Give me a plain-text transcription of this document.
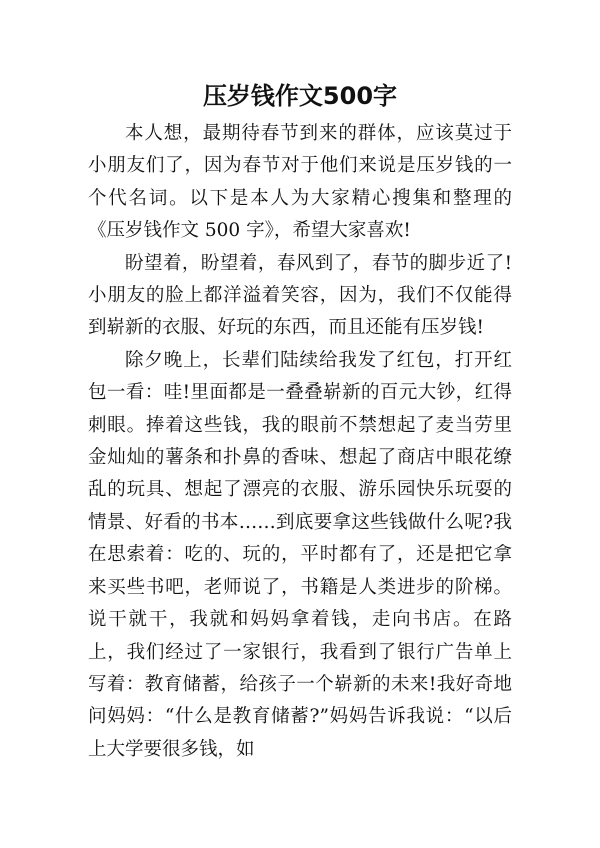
压岁钱作文500字

本人想，最期待春节到来的群体，应该莫过于小朋友们了，因为春节对于他们来说是压岁钱的一个代名词。以下是本人为大家精心搜集和整理的《压岁钱作文 500 字》，希望大家喜欢!

盼望着，盼望着，春风到了，春节的脚步近了!小朋友的脸上都洋溢着笑容，因为，我们不仅能得到崭新的衣服、好玩的东西，而且还能有压岁钱!

除夕晚上，长辈们陆续给我发了红包，打开红包一看：哇!里面都是一叠叠崭新的百元大钞，红得刺眼。捧着这些钱，我的眼前不禁想起了麦当劳里金灿灿的薯条和扑鼻的香味、想起了商店中眼花缭乱的玩具、想起了漂亮的衣服、游乐园快乐玩耍的情景、好看的书本……到底要拿这些钱做什么呢?我在思索着：吃的、玩的，平时都有了，还是把它拿来买些书吧，老师说了，书籍是人类进步的阶梯。说干就干，我就和妈妈拿着钱，走向书店。在路上，我们经过了一家银行，我看到了银行广告单上写着：教育储蓄，给孩子一个崭新的未来!我好奇地问妈妈：“什么是教育储蓄?”妈妈告诉我说：“以后上大学要很多钱，如
